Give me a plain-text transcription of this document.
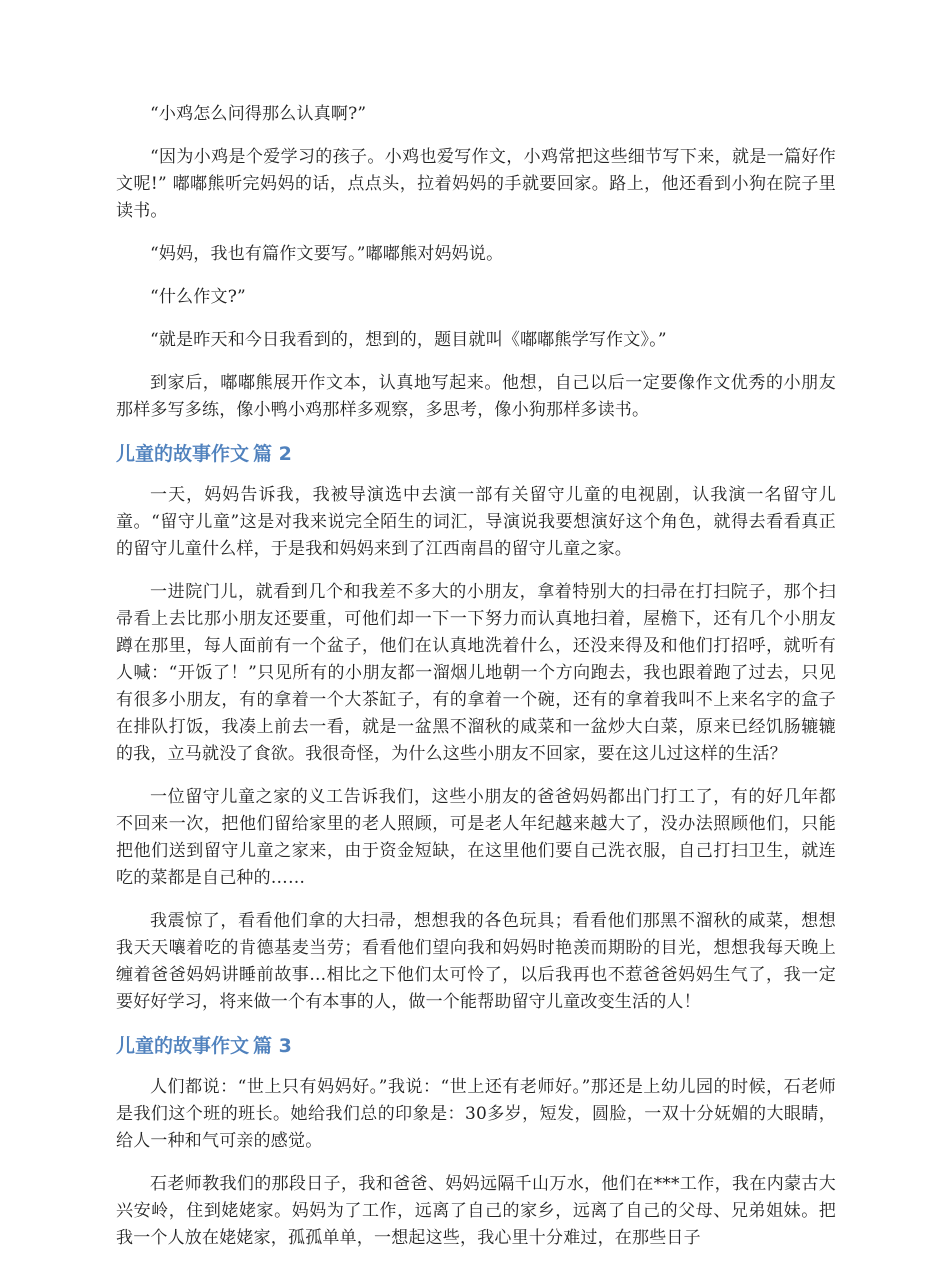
“小鸡怎么问得那么认真啊?”

“因为小鸡是个爱学习的孩子。小鸡也爱写作文，小鸡常把这些细节写下来，就是一篇好作文呢!” 嘟嘟熊听完妈妈的话，点点头，拉着妈妈的手就要回家。路上，他还看到小狗在院子里读书。

“妈妈，我也有篇作文要写。”嘟嘟熊对妈妈说。

“什么作文?”

“就是昨天和今日我看到的，想到的，题目就叫《嘟嘟熊学写作文》。”

到家后，嘟嘟熊展开作文本，认真地写起来。他想，自己以后一定要像作文优秀的小朋友那样多写多练，像小鸭小鸡那样多观察，多思考，像小狗那样多读书。

儿童的故事作文 篇 2

一天，妈妈告诉我，我被导演选中去演一部有关留守儿童的电视剧，认我演一名留守儿童。“留守儿童”这是对我来说完全陌生的词汇，导演说我要想演好这个角色，就得去看看真正的留守儿童什么样，于是我和妈妈来到了江西南昌的留守儿童之家。

一进院门儿，就看到几个和我差不多大的小朋友，拿着特别大的扫帚在打扫院子，那个扫帚看上去比那小朋友还要重，可他们却一下一下努力而认真地扫着，屋檐下，还有几个小朋友蹲在那里，每人面前有一个盆子，他们在认真地洗着什么，还没来得及和他们打招呼，就听有人喊：“开饭了！”只见所有的小朋友都一溜烟儿地朝一个方向跑去，我也跟着跑了过去，只见有很多小朋友，有的拿着一个大茶缸子，有的拿着一个碗，还有的拿着我叫不上来名字的盒子在排队打饭，我凑上前去一看，就是一盆黑不溜秋的咸菜和一盆炒大白菜，原来已经饥肠辘辘的我，立马就没了食欲。我很奇怪，为什么这些小朋友不回家，要在这儿过这样的生活？

一位留守儿童之家的义工告诉我们，这些小朋友的爸爸妈妈都出门打工了，有的好几年都不回来一次，把他们留给家里的老人照顾，可是老人年纪越来越大了，没办法照顾他们，只能把他们送到留守儿童之家来，由于资金短缺，在这里他们要自己洗衣服，自己打扫卫生，就连吃的菜都是自己种的……

我震惊了，看看他们拿的大扫帚，想想我的各色玩具；看看他们那黑不溜秋的咸菜，想想我天天嚷着吃的肯德基麦当劳；看看他们望向我和妈妈时艳羡而期盼的目光，想想我每天晚上缠着爸爸妈妈讲睡前故事...相比之下他们太可怜了，以后我再也不惹爸爸妈妈生气了，我一定要好好学习，将来做一个有本事的人，做一个能帮助留守儿童改变生活的人！

儿童的故事作文 篇 3

人们都说：“世上只有妈妈好。”我说：“世上还有老师好。”那还是上幼儿园的时候，石老师是我们这个班的班长。她给我们总的印象是：30多岁，短发，圆脸，一双十分妩媚的大眼睛，给人一种和气可亲的感觉。

石老师教我们的那段日子，我和爸爸、妈妈远隔千山万水，他们在***工作，我在内蒙古大兴安岭，住到姥姥家。妈妈为了工作，远离了自己的家乡，远离了自己的父母、兄弟姐妹。把我一个人放在姥姥家，孤孤单单，一想起这些，我心里十分难过，在那些日子
